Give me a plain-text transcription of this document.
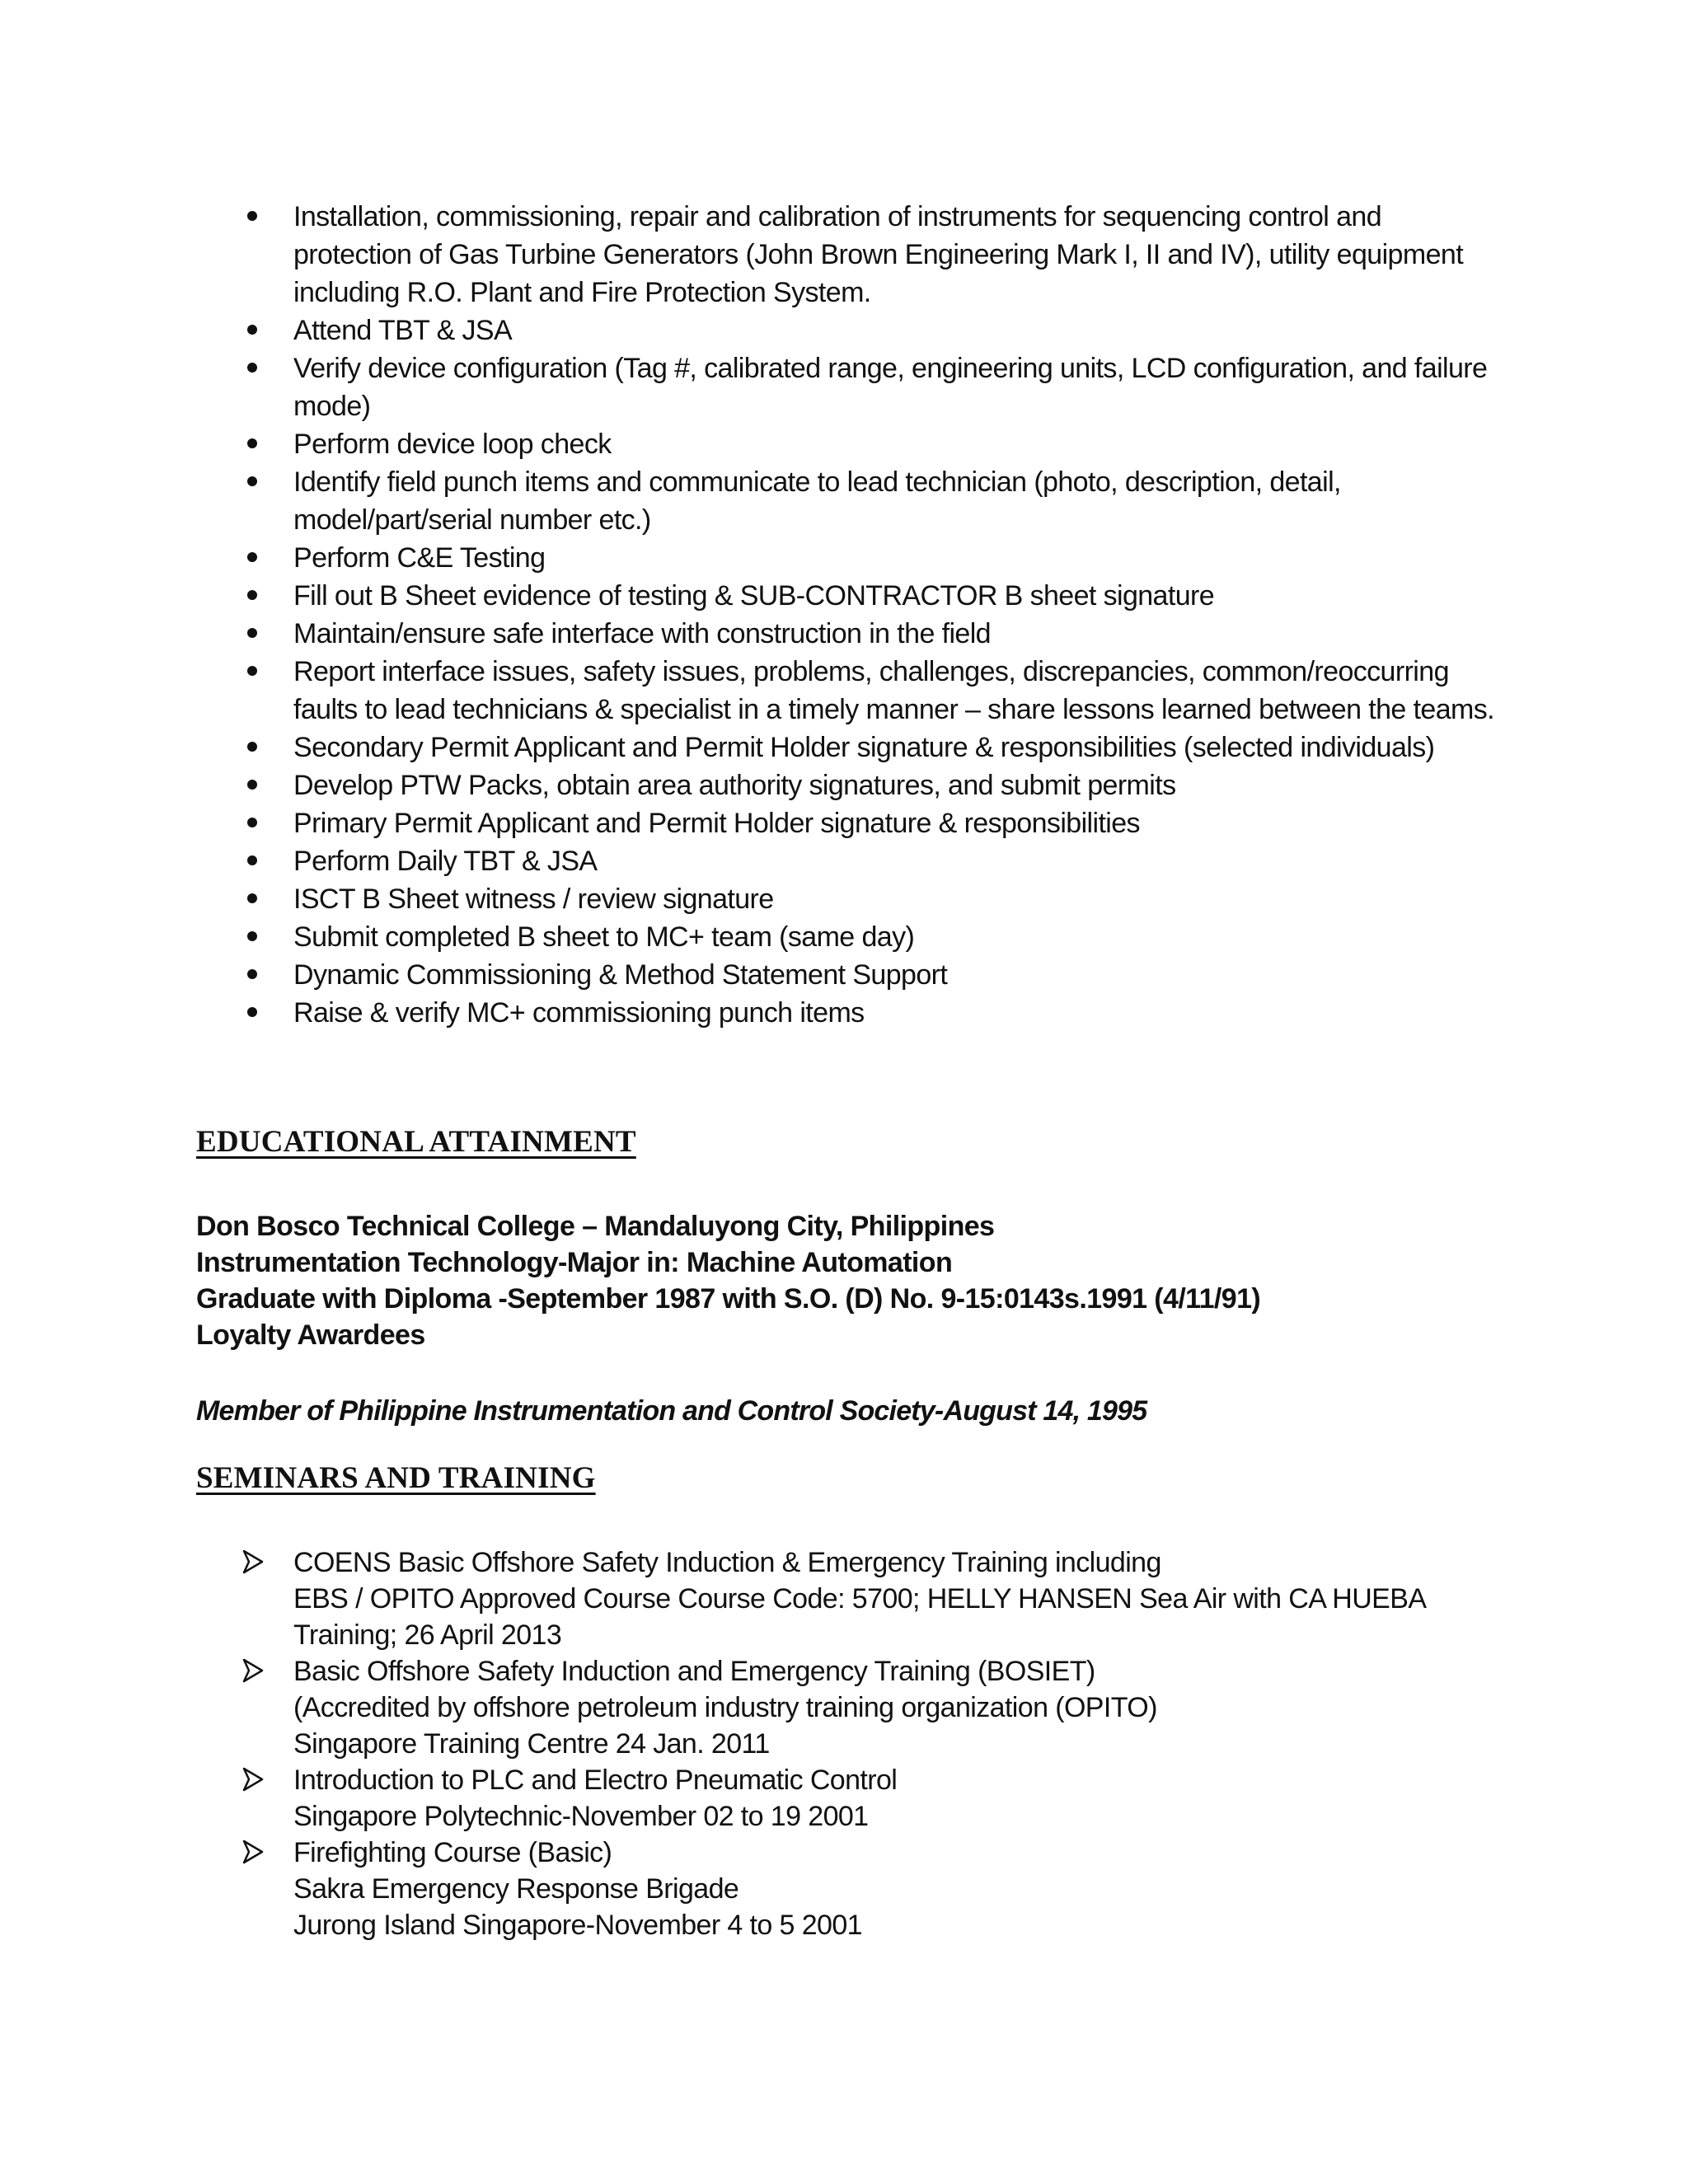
Installation, commissioning, repair and calibration of instruments for sequencing control and protection of Gas Turbine Generators (John Brown Engineering Mark I, II and IV), utility equipment including R.O. Plant and Fire Protection System.
Attend TBT & JSA
Verify device configuration (Tag #, calibrated range, engineering units, LCD configuration, and failure mode)
Perform device loop check
Identify field punch items and communicate to lead technician (photo, description, detail, model/part/serial number etc.)
Perform C&E Testing
Fill out B Sheet evidence of testing & SUB-CONTRACTOR B sheet signature
Maintain/ensure safe interface with construction in the field
Report interface issues, safety issues, problems, challenges, discrepancies, common/reoccurring faults to lead technicians & specialist in a timely manner – share lessons learned between the teams.
Secondary Permit Applicant and Permit Holder signature & responsibilities (selected individuals)
Develop PTW Packs, obtain area authority signatures, and submit permits
Primary Permit Applicant and Permit Holder signature & responsibilities
Perform Daily TBT & JSA
ISCT B Sheet witness / review signature
Submit completed B sheet to MC+ team (same day)
Dynamic Commissioning & Method Statement Support
Raise & verify MC+ commissioning punch items
EDUCATIONAL ATTAINMENT
Don Bosco Technical College – Mandaluyong City, Philippines
Instrumentation Technology-Major in: Machine Automation
Graduate with Diploma -September 1987 with S.O. (D) No. 9-15:0143s.1991 (4/11/91)
Loyalty Awardees
Member of Philippine Instrumentation and Control Society-August 14, 1995
SEMINARS AND TRAINING
COENS Basic Offshore Safety Induction & Emergency Training including
EBS / OPITO Approved Course Course Code: 5700; HELLY HANSEN Sea Air with CA HUEBA
Training; 26 April 2013
Basic Offshore Safety Induction and Emergency Training (BOSIET)
(Accredited by offshore petroleum industry training organization (OPITO)
Singapore Training Centre 24 Jan. 2011
Introduction to PLC and Electro Pneumatic Control
Singapore Polytechnic-November 02 to 19 2001
Firefighting Course (Basic)
Sakra Emergency Response Brigade
Jurong Island Singapore-November 4 to 5 2001
